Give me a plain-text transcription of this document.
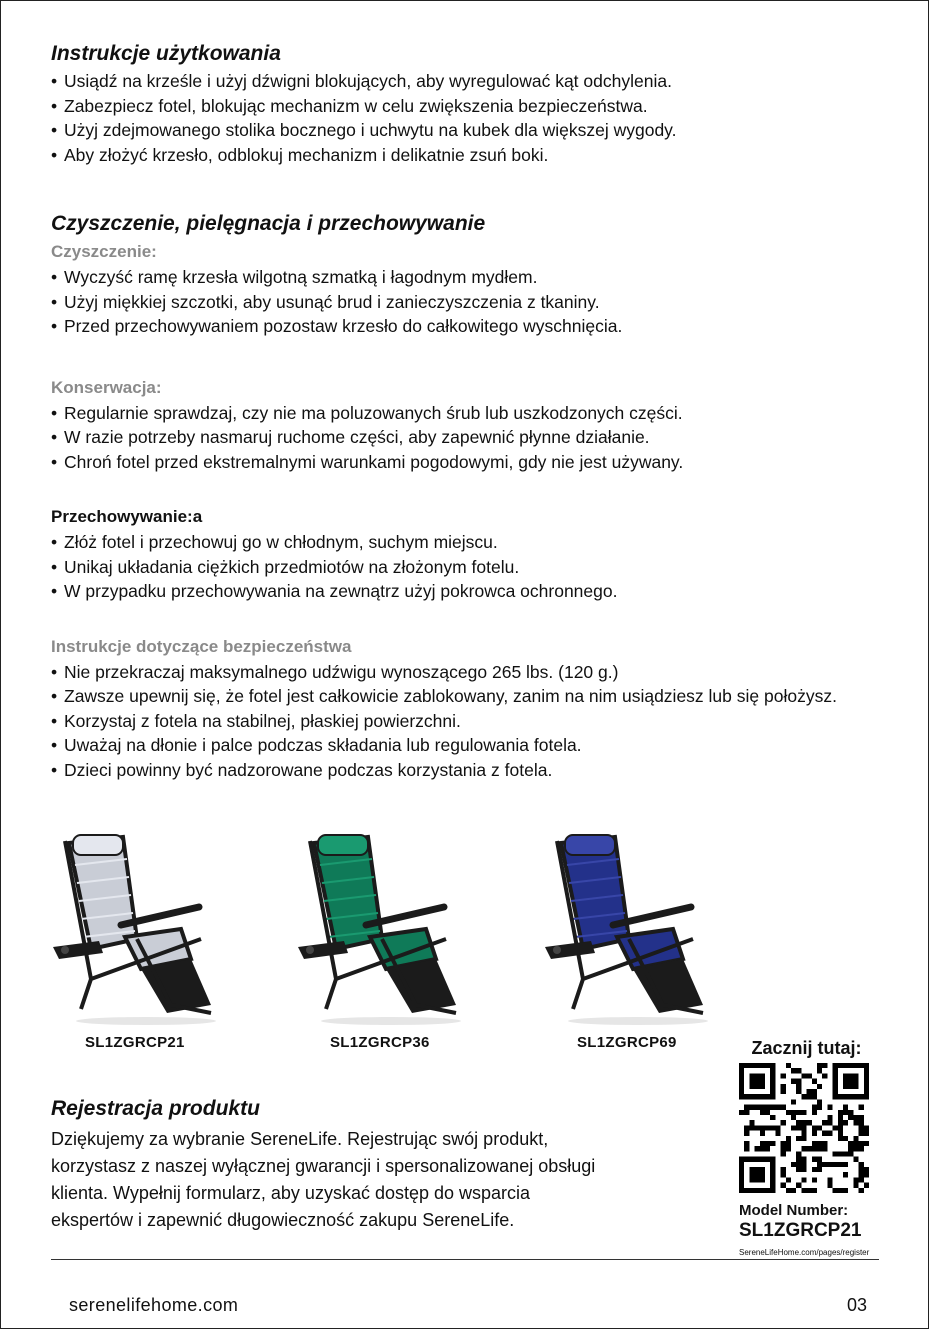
Instrukcje użytkowania
• Usiądź na krześle i użyj dźwigni blokujących, aby wyregulować kąt odchylenia.
• Zabezpiecz fotel, blokując mechanizm w celu zwiększenia bezpieczeństwa.
• Użyj zdejmowanego stolika bocznego i uchwytu na kubek dla większej wygody.
• Aby złożyć krzesło, odblokuj mechanizm i delikatnie zsuń boki.
Czyszczenie, pielęgnacja i przechowywanie
Czyszczenie:
• Wyczyść ramę krzesła wilgotną szmatką i łagodnym mydłem.
• Użyj miękkiej szczotki, aby usunąć brud i zanieczyszczenia z tkaniny.
• Przed przechowywaniem pozostaw krzesło do całkowitego wyschnięcia.
Konserwacja:
• Regularnie sprawdzaj, czy nie ma poluzowanych śrub lub uszkodzonych części.
• W razie potrzeby nasmaruj ruchome części, aby zapewnić płynne działanie.
• Chroń fotel przed ekstremalnymi warunkami pogodowymi, gdy nie jest używany.
Przechowywanie:a
• Złóż fotel i przechowuj go w chłodnym, suchym miejscu.
• Unikaj układania ciężkich przedmiotów na złożonym fotelu.
• W przypadku przechowywania na zewnątrz użyj pokrowca ochronnego.
Instrukcje dotyczące bezpieczeństwa
• Nie przekraczaj maksymalnego udźwigu wynoszącego 265 lbs. (120 g.)
• Zawsze upewnij się, że fotel jest całkowicie zablokowany, zanim na nim usiądziesz lub się położysz.
• Korzystaj z fotela na stabilnej, płaskiej powierzchni.
• Uważaj na dłonie i palce podczas składania lub regulowania fotela.
• Dzieci powinny być nadzorowane podczas korzystania z fotela.
SL1ZGRCP21	SL1ZGRCP36	SL1ZGRCP69
Rejestracja produktu

Dziękujemy za wybranie SereneLife. Rejestrując swój produkt,
korzystasz z naszej wyłącznej gwarancji i spersonalizowanej obsługi
klienta. Wypełnij formularz, aby uzyskać dostęp do wsparcia
ekspertów i zapewnić długowieczność zakupu SereneLife.

Zacznij tutaj:
Model Number:
SL1ZGRCP21
SereneLifeHome.com/pages/register
serenelifehome.com	03
